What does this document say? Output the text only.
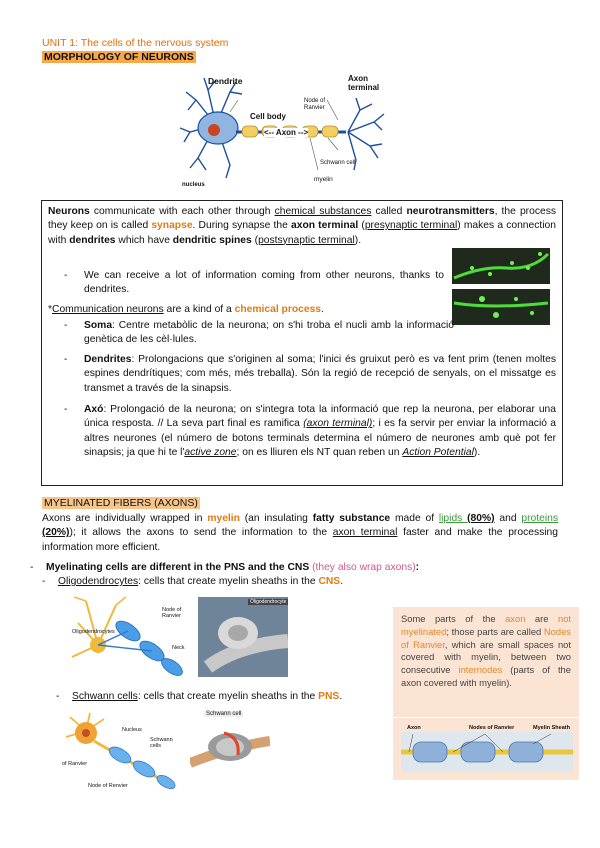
UNIT 1: The cells of the nervous system
MORPHOLOGY OF NEURONS
Dendrite	Axon terminal
Node of Ranvier
Cell body
<-- Axon -->
Schwann cell
nucleus
myelin
Neurons communicate with each other through chemical substances called neurotransmitters, the process they keep on is called synapse. During synapse the axon terminal (presynaptic terminal) makes a connection with dendrites which have dendritic spines (postsynaptic terminal).
- We can receive a lot of information coming from other neurons, thanks to dendrites.
*Communication neurons are a kind of a chemical process.
- Soma: Centre metabòlic de la neurona; on s'hi troba el nucli amb la informació genètica de les cèl·lules.
- Dendrites: Prolongacions que s'originen al soma; l'inici és gruixut però es va fent prim (tenen moltes espines dendrítiques; com més, més treballa). Són la regió de recepció de senyals, on el missatge es transmet a través de la sinapsis.
- Axó: Prolongació de la neurona; on s'integra tota la informació que rep la neurona, per elaborar una única resposta. // La seva part final es ramifica (axon terminal); i es fa servir per enviar la informació a altres neurones (el número de botons terminals determina el número de neurones amb què pot fer sinapsis; ja que hi te l'active zone; on es lliuren els NT quan reben un Action Potential).
MYELINATED FIBERS (AXONS)
Axons are individually wrapped in myelin (an insulating fatty substance made of lipids (80%) and proteins (20%)); it allows the axons to send the information to the axon terminal faster and make the processing information more efficient.
- Myelinating cells are different in the PNS and the CNS (they also wrap axons):
- Oligodendrocytes: cells that create myelin sheaths in the CNS.
Node of Ranvier
Oligodendrocytes
Neck
Oligodendrocyte
- Schwann cells: cells that create myelin sheaths in the PNS.
Nucleus
Schwann cells
of Ranvier
Node of Renvier
Schwann cell
Some parts of the axon are not myelinated; those parts are called Nodes of Ranvier, which are small spaces not covered with myelin, between two consecutive internodes (parts of the axon covered with myelin).
Axon	Nodes of Ranvier	Myelin Sheath
